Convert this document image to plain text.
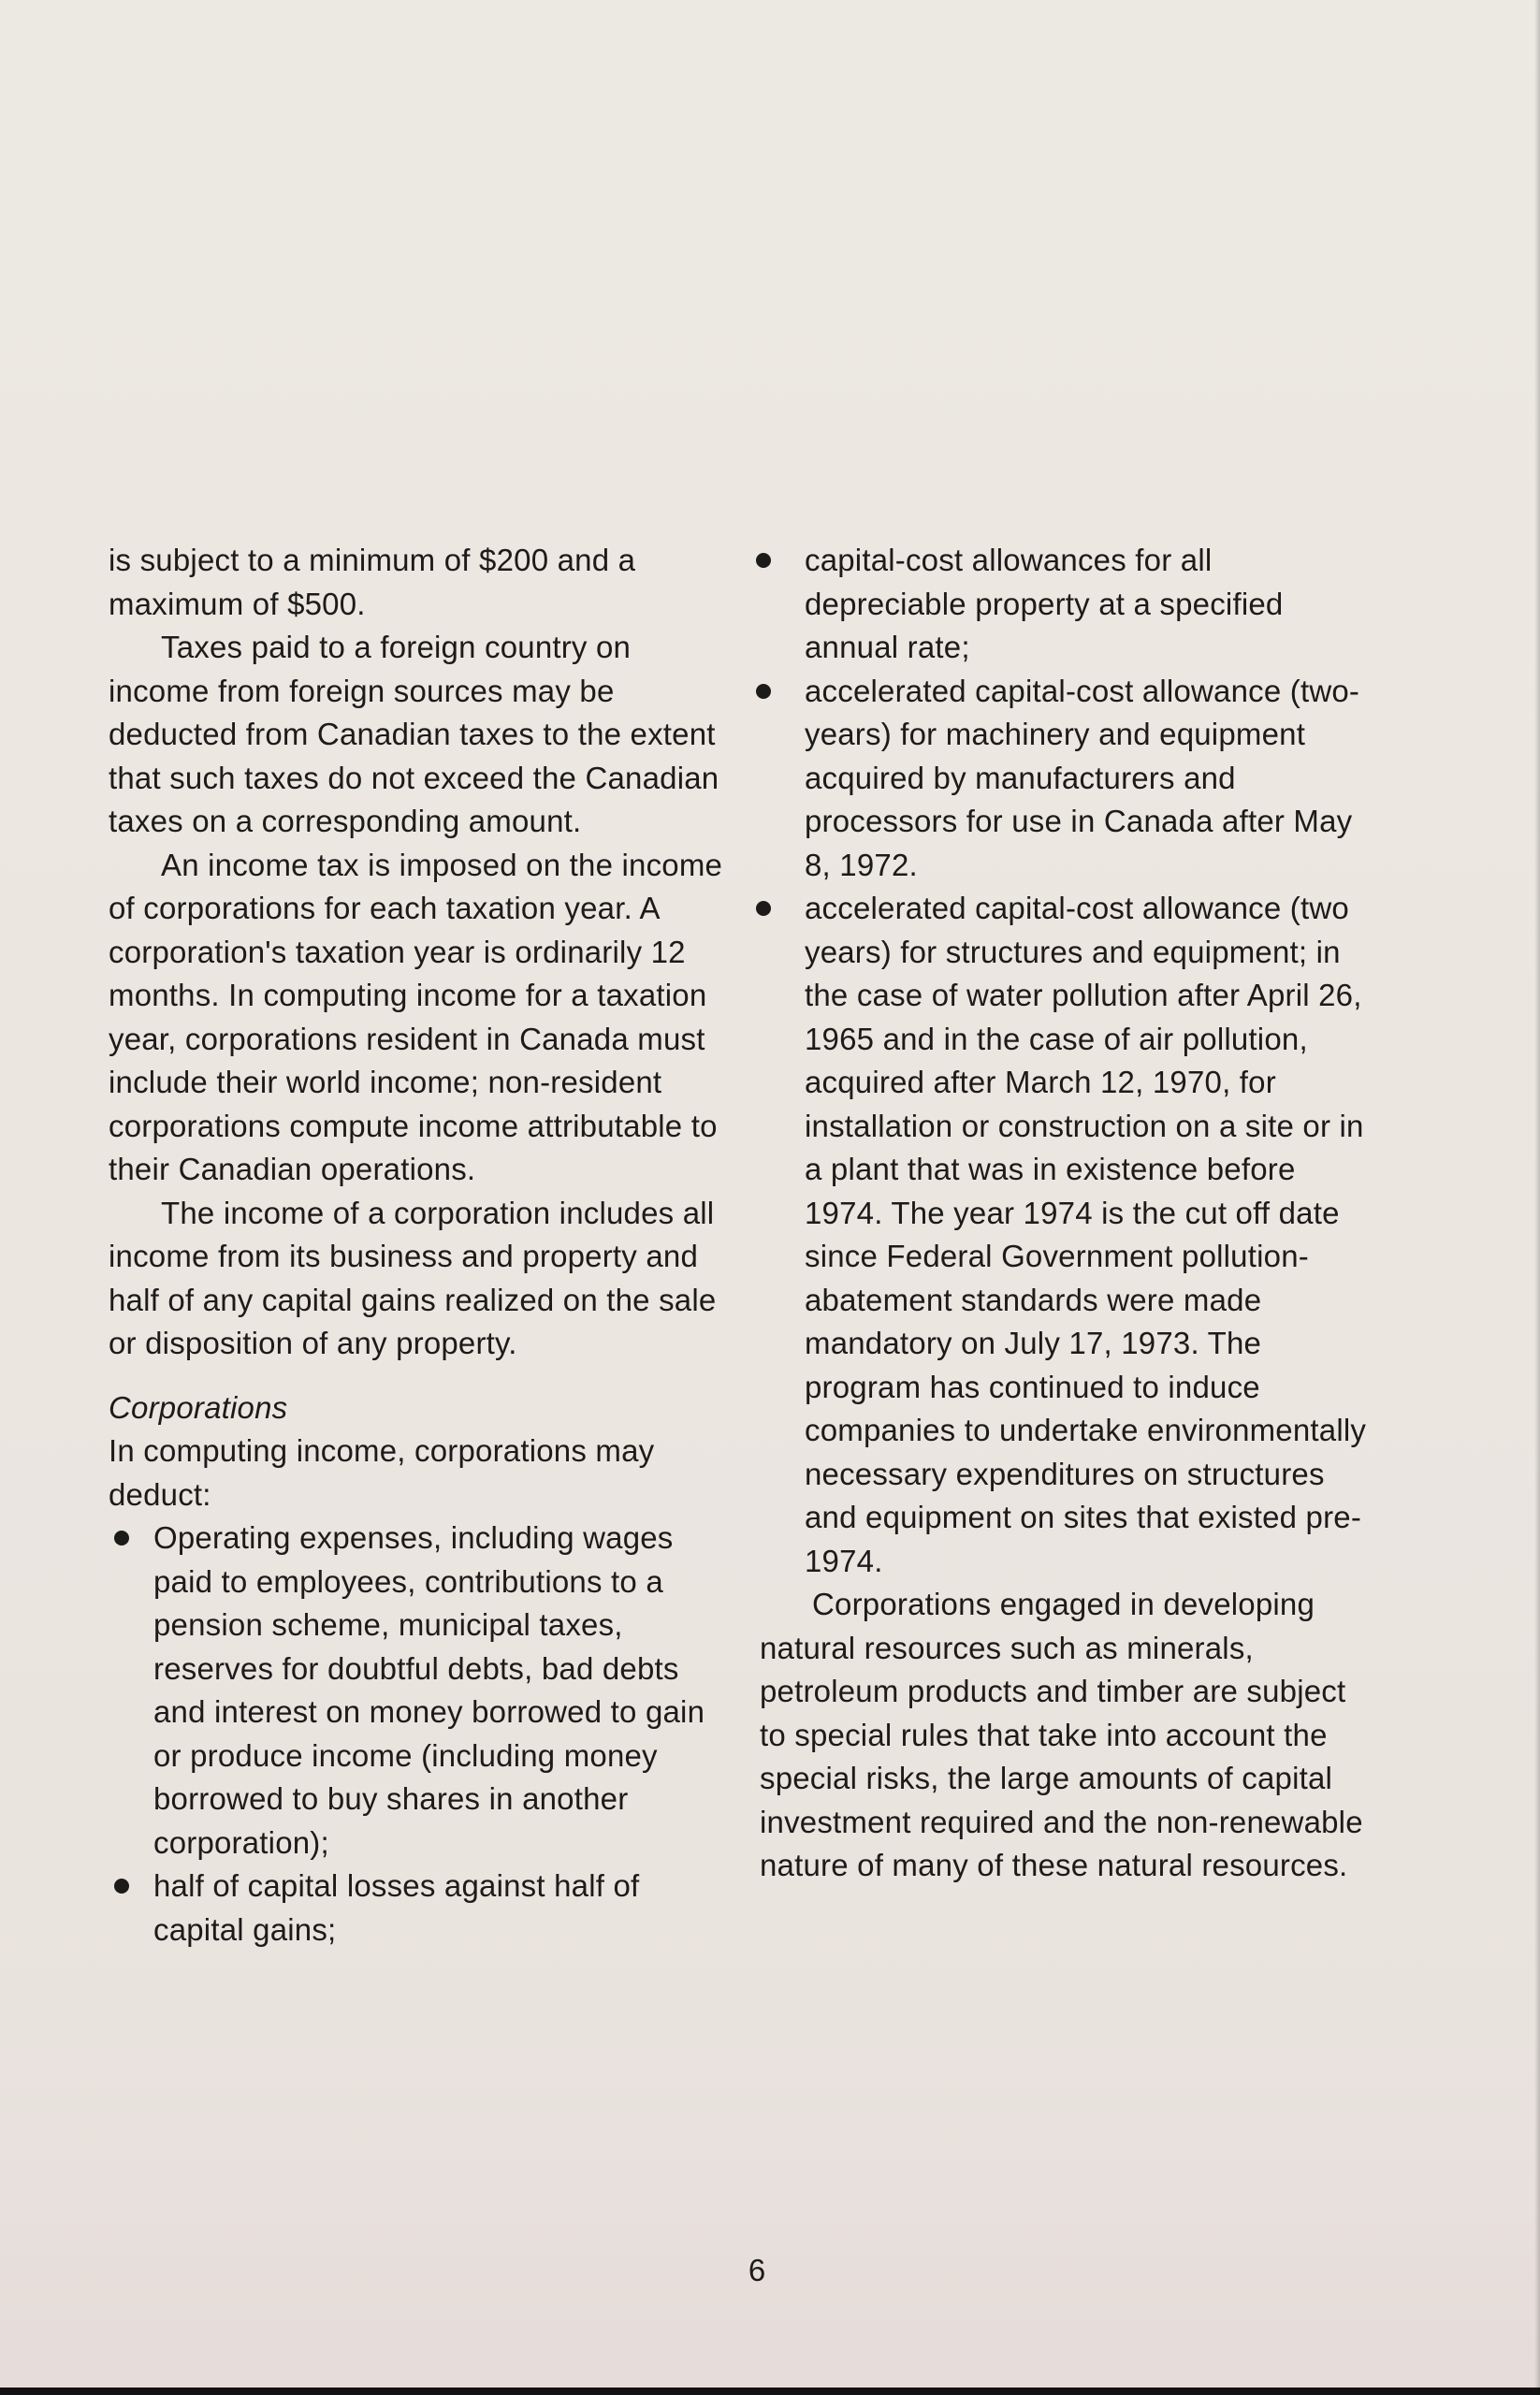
is subject to a minimum of $200 and a maximum of $500.

Taxes paid to a foreign country on income from foreign sources may be deducted from Canadian taxes to the extent that such taxes do not exceed the Canadian taxes on a corresponding amount.

An income tax is imposed on the income of corporations for each taxation year. A corporation's taxation year is ordinarily 12 months. In computing income for a taxation year, corporations resident in Canada must include their world income; non-resident corporations compute income attributable to their Canadian operations.

The income of a corporation includes all income from its business and property and half of any capital gains realized on the sale or disposition of any property.

Corporations

In computing income, corporations may deduct:

Operating expenses, including wages paid to employees, contributions to a pension scheme, municipal taxes, reserves for doubtful debts, bad debts and interest on money borrowed to gain or produce income (including money borrowed to buy shares in another corporation);
half of capital losses against half of capital gains;
capital-cost allowances for all depreciable property at a specified annual rate;
accelerated capital-cost allowance (two-years) for machinery and equipment acquired by manufacturers and processors for use in Canada after May 8, 1972.
accelerated capital-cost allowance (two years) for structures and equipment; in the case of water pollution after April 26, 1965 and in the case of air pollution, acquired after March 12, 1970, for installation or construction on a site or in a plant that was in existence before 1974. The year 1974 is the cut off date since Federal Government pollution-abatement standards were made mandatory on July 17, 1973. The program has continued to induce companies to undertake environmentally necessary expenditures on structures and equipment on sites that existed pre-1974.

Corporations engaged in developing natural resources such as minerals, petroleum products and timber are subject to special rules that take into account the special risks, the large amounts of capital investment required and the non-renewable nature of many of these natural resources.

6
